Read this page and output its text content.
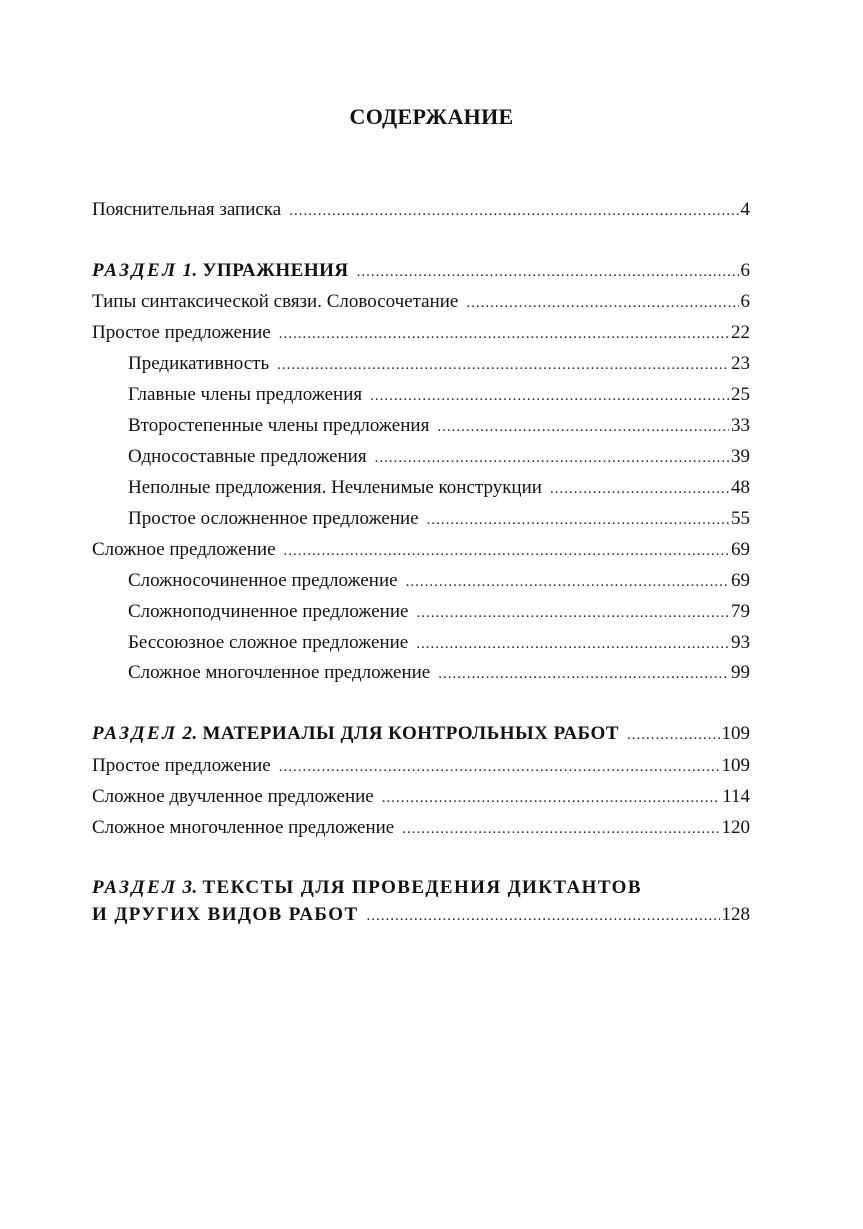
СОДЕРЖАНИЕ
Пояснительная записка .....	4
РАЗДЕЛ 1. УПРАЖНЕНИЯ .....	6
Типы синтаксической связи. Словосочетание .....	6
Простое предложение .....	22
Предикативность .....	23
Главные члены предложения .....	25
Второстепенные члены предложения .....	33
Односоставные предложения .....	39
Неполные предложения. Нечленимые конструкции .....	48
Простое осложненное предложение .....	55
Сложное предложение .....	69
Сложносочиненное предложение .....	69
Сложноподчиненное предложение .....	79
Бессоюзное сложное предложение .....	93
Сложное многочленное предложение .....	99
РАЗДЕЛ 2. МАТЕРИАЛЫ ДЛЯ КОНТРОЛЬНЫХ РАБОТ .....	109
Простое предложение .....	109
Сложное двучленное предложение .....	114
Сложное многочленное предложение .....	120
РАЗДЕЛ 3. ТЕКСТЫ ДЛЯ ПРОВЕДЕНИЯ ДИКТАНТОВ
И ДРУГИХ ВИДОВ РАБОТ .....	128
